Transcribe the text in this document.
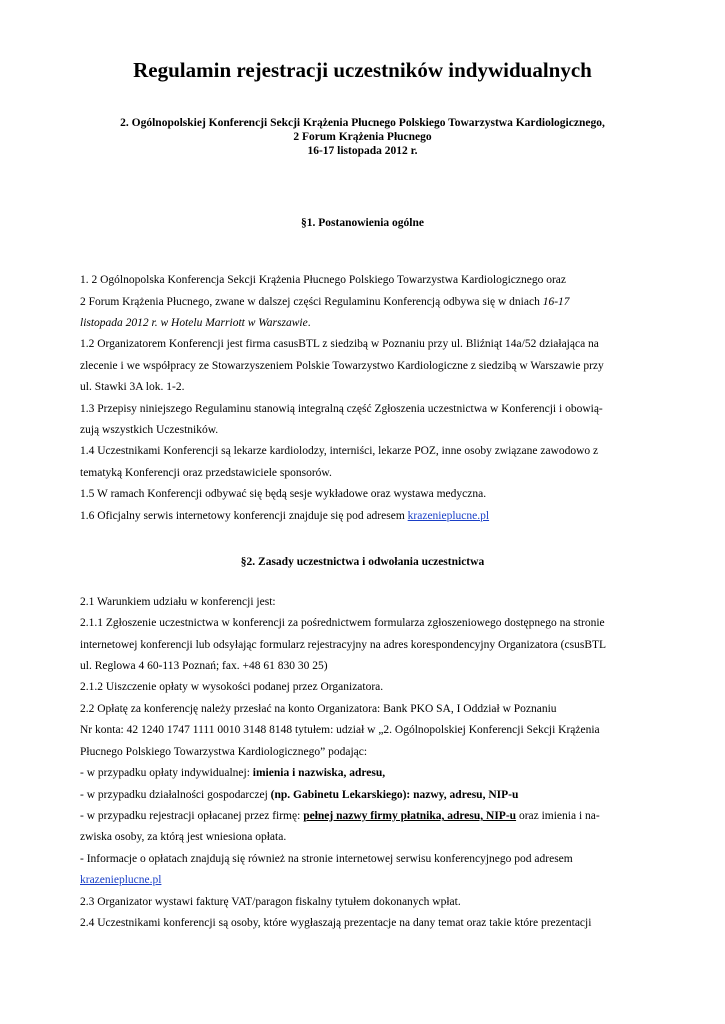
Regulamin rejestracji uczestników indywidualnych
2. Ogólnopolskiej Konferencji Sekcji Krążenia Płucnego Polskiego Towarzystwa Kardiologicznego,
2 Forum Krążenia Płucnego
16-17 listopada 2012 r.
§1. Postanowienia ogólne
1. 2 Ogólnopolska Konferencja Sekcji Krążenia Płucnego Polskiego Towarzystwa Kardiologicznego oraz
2 Forum Krążenia Płucnego, zwane w dalszej części Regulaminu Konferencją odbywa się w dniach 16-17
listopada 2012 r. w Hotelu Marriott w Warszawie.
1.2 Organizatorem Konferencji jest firma casusBTL z siedzibą w Poznaniu przy ul. Bliźniąt 14a/52 działająca na
zlecenie i we współpracy ze Stowarzyszeniem Polskie Towarzystwo Kardiologiczne z siedzibą w Warszawie przy
ul. Stawki 3A lok. 1-2.
1.3 Przepisy niniejszego Regulaminu stanowią integralną część Zgłoszenia uczestnictwa w Konferencji i obowią-
zują wszystkich Uczestników.
1.4 Uczestnikami Konferencji są lekarze kardiolodzy, interniści, lekarze POZ, inne osoby związane zawodowo z
tematyką Konferencji oraz przedstawiciele sponsorów.
1.5 W ramach Konferencji odbywać się będą sesje wykładowe oraz wystawa medyczna.
1.6 Oficjalny serwis internetowy konferencji znajduje się pod adresem krazenieplucne.pl
§2. Zasady uczestnictwa i odwołania uczestnictwa
2.1 Warunkiem udziału w konferencji jest:
2.1.1 Zgłoszenie uczestnictwa w konferencji za pośrednictwem formularza zgłoszeniowego dostępnego na stronie
internetowej konferencji lub odsyłając formularz rejestracyjny na adres korespondencyjny Organizatora (csusBTL
ul. Reglowa 4 60-113 Poznań; fax. +48 61 830 30 25)
2.1.2 Uiszczenie opłaty w wysokości podanej przez Organizatora.
2.2 Opłatę za konferencję należy przesłać na konto Organizatora: Bank PKO SA, I Oddział w Poznaniu
Nr konta: 42 1240 1747 1111 0010 3148 8148 tytułem: udział w „2. Ogólnopolskiej Konferencji Sekcji Krążenia
Płucnego Polskiego Towarzystwa Kardiologicznego” podając:
- w przypadku opłaty indywidualnej: imienia i nazwiska, adresu,
- w przypadku działalności gospodarczej (np. Gabinetu Lekarskiego): nazwy, adresu, NIP-u
- w przypadku rejestracji opłacanej przez firmę: pełnej nazwy firmy płatnika, adresu, NIP-u oraz imienia i na-
zwiska osoby, za którą jest wniesiona opłata.
- Informacje o opłatach znajdują się również na stronie internetowej serwisu konferencyjnego pod adresem
krazenieplucne.pl
2.3 Organizator wystawi fakturę VAT/paragon fiskalny tytułem dokonanych wpłat.
2.4 Uczestnikami konferencji są osoby, które wygłaszają prezentacje na dany temat oraz takie które prezentacji
